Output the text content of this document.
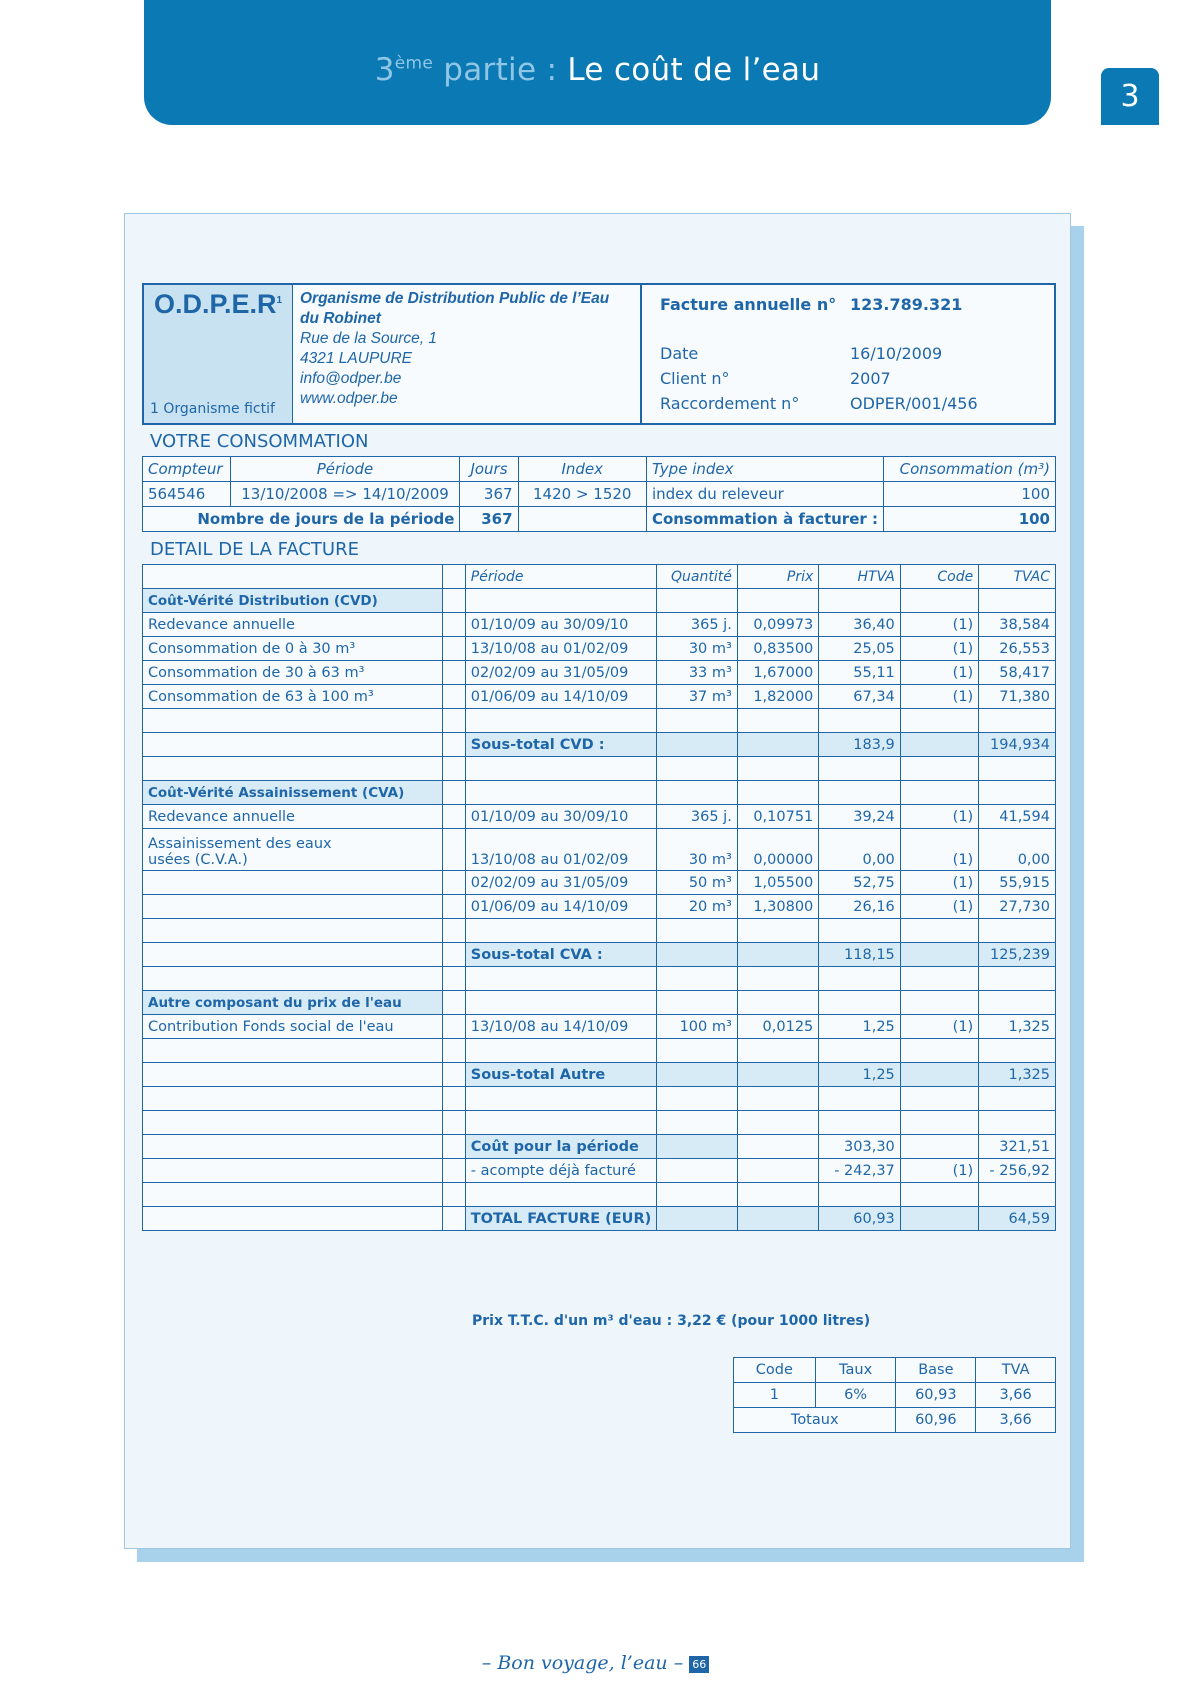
3ème partie : Le coût de l’eau
3
$O.D.P.E.R^1$
1 Organisme fictif
Organisme de Distribution Public de l’Eau
du Robinet
Rue de la Source, 1
4321 LAUPURE
info@odper.be
www.odper.be
Facture annuelle n° 123.789.321
Date	16/10/2009
Client n°	2007
Raccordement n°	ODPER/001/456
VOTRE CONSOMMATION
Compteur	Période	Jours	Index	Type index	Consommation (m³)
564546	13/10/2008 => 14/10/2009	367	1420 > 1520	index du releveur	100
Nombre de jours de la période		367		Consommation à facturer :	100
DETAIL DE LA FACTURE
		Période	Quantité	Prix	HTVA	Code	TVAC
Coût-Vérité Distribution (CVD)							
Redevance annuelle		01/10/09 au 30/09/10	365 j.	0,09973	36,40	(1)	38,584
Consommation de 0 à 30 m³		13/10/08 au 01/02/09	30 m³	0,83500	25,05	(1)	26,553
Consommation de 30 à 63 m³		02/02/09 au 31/05/09	33 m³	1,67000	55,11	(1)	58,417
Consommation de 63 à 100 m³		01/06/09 au 14/10/09	37 m³	1,82000	67,34	(1)	71,380

		Sous-total CVD :			183,9		194,934

Coût-Vérité Assainissement (CVA)							
Redevance annuelle		01/10/09 au 30/09/10	365 j.	0,10751	39,24	(1)	41,594

Assainissement des eaux
usées (C.V.A.)		13/10/08 au 01/02/09	30 m³	0,00000	0,00	(1)	0,00
		02/02/09 au 31/05/09	50 m³	1,05500	52,75	(1)	55,915
		01/06/09 au 14/10/09	20 m³	1,30800	26,16	(1)	27,730

		Sous-total CVA :			118,15		125,239

Autre composant du prix de l'eau							
Contribution Fonds social de l'eau		13/10/08 au 14/10/09	100 m³	0,0125	1,25	(1)	1,325

		Sous-total Autre			1,25		1,325

		Coût pour la période			303,30		321,51
		- acompte déjà facturé			- 242,37	(1)	- 256,92

		TOTAL FACTURE (EUR)			60,93		64,59
Prix T.T.C. d'un m³ d'eau : 3,22 € (pour 1000 litres)
Code	Taux	Base	TVA
1	6%	60,93	3,66
Totaux		60,96	3,66
– Bon voyage, l’eau – 66
